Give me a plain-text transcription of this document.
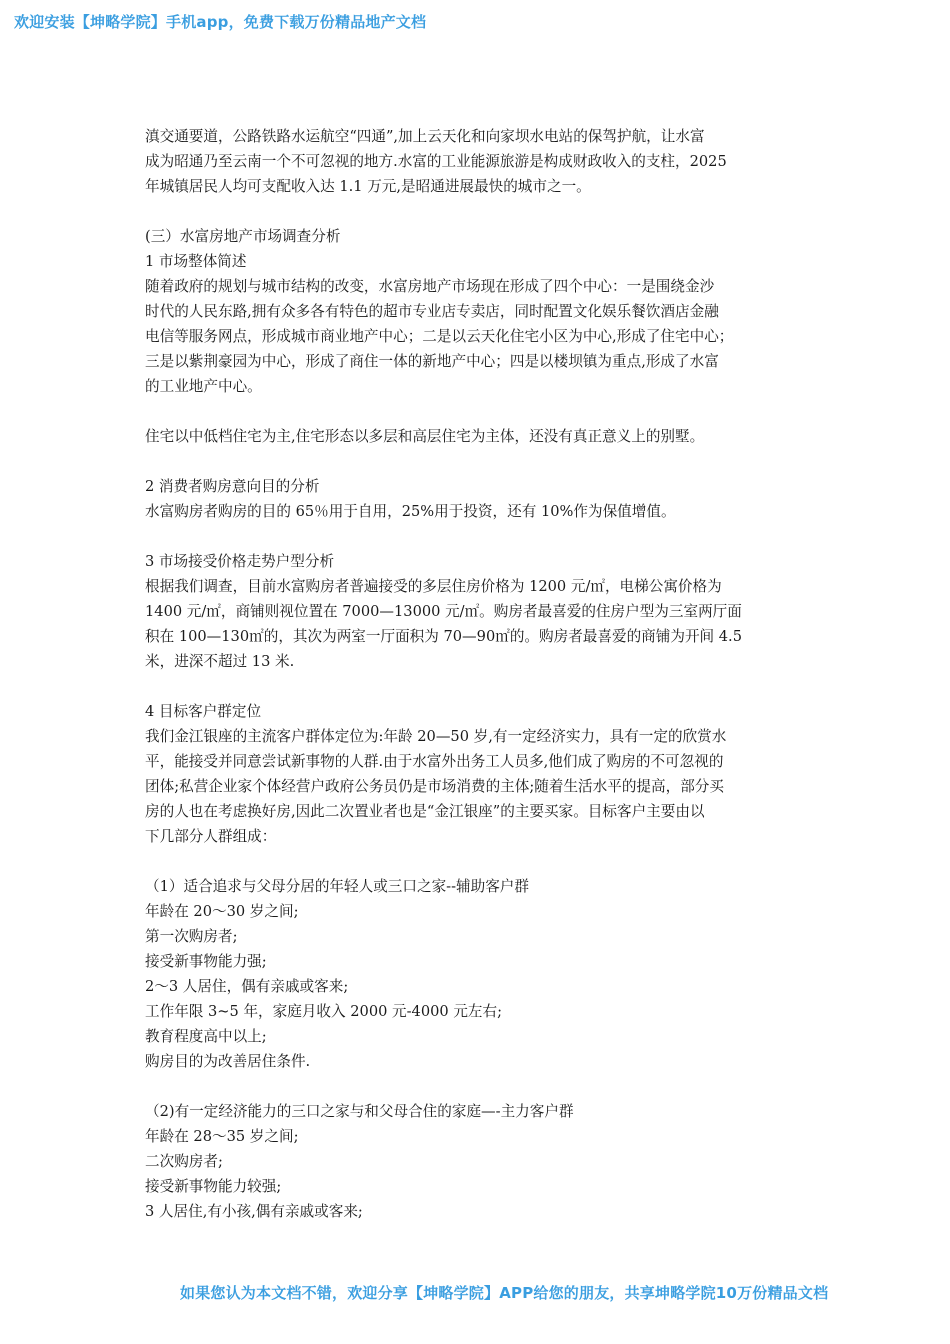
欢迎安装【坤略学院】手机app，免费下载万份精品地产文档
滇交通要道，公路铁路水运航空“四通”,加上云天化和向家坝水电站的保驾护航，让水富
成为昭通乃至云南一个不可忽视的地方.水富的工业能源旅游是构成财政收入的支柱，2025
年城镇居民人均可支配收入达 1.1 万元,是昭通进展最快的城市之一。
(三）水富房地产市场调查分析
1 市场整体简述
随着政府的规划与城市结构的改变，水富房地产市场现在形成了四个中心：一是围绕金沙
时代的人民东路,拥有众多各有特色的超市专业店专卖店，同时配置文化娱乐餐饮酒店金融
电信等服务网点，形成城市商业地产中心；二是以云天化住宅小区为中心,形成了住宅中心；
三是以紫荆豪园为中心，形成了商住一体的新地产中心；四是以楼坝镇为重点,形成了水富
的工业地产中心。
住宅以中低档住宅为主,住宅形态以多层和高层住宅为主体，还没有真正意义上的别墅。
2 消费者购房意向目的分析
水富购房者购房的目的 65％用于自用，25%用于投资，还有 10%作为保值增值。
3 市场接受价格走势户型分析
根据我们调查，目前水富购房者普遍接受的多层住房价格为 1200 元/㎡，电梯公寓价格为
1400 元/㎡，商铺则视位置在 7000—13000 元/㎡。购房者最喜爱的住房户型为三室两厅面
积在 100—130㎡的，其次为两室一厅面积为 70—90㎡的。购房者最喜爱的商铺为开间 4.5
米，进深不超过 13 米.
4 目标客户群定位
我们金江银座的主流客户群体定位为:年龄 20—50 岁,有一定经济实力，具有一定的欣赏水
平，能接受并同意尝试新事物的人群.由于水富外出务工人员多,他们成了购房的不可忽视的
团体;私营企业家个体经营户政府公务员仍是市场消费的主体;随着生活水平的提高，部分买
房的人也在考虑换好房,因此二次置业者也是“金江银座”的主要买家。目标客户主要由以
下几部分人群组成：
（1）适合追求与父母分居的年轻人或三口之家--辅助客户群
年龄在 20～30 岁之间;
第一次购房者;
接受新事物能力强;
2～3 人居住，偶有亲戚或客来;
工作年限 3~5 年，家庭月收入 2000 元-4000 元左右;
教育程度高中以上;
购房目的为改善居住条件.
（2)有一定经济能力的三口之家与和父母合住的家庭—-主力客户群
年龄在 28～35 岁之间;
二次购房者;
接受新事物能力较强;
3 人居住,有小孩,偶有亲戚或客来;
如果您认为本文档不错，欢迎分享【坤略学院】APP给您的朋友，共享坤略学院10万份精品文档
